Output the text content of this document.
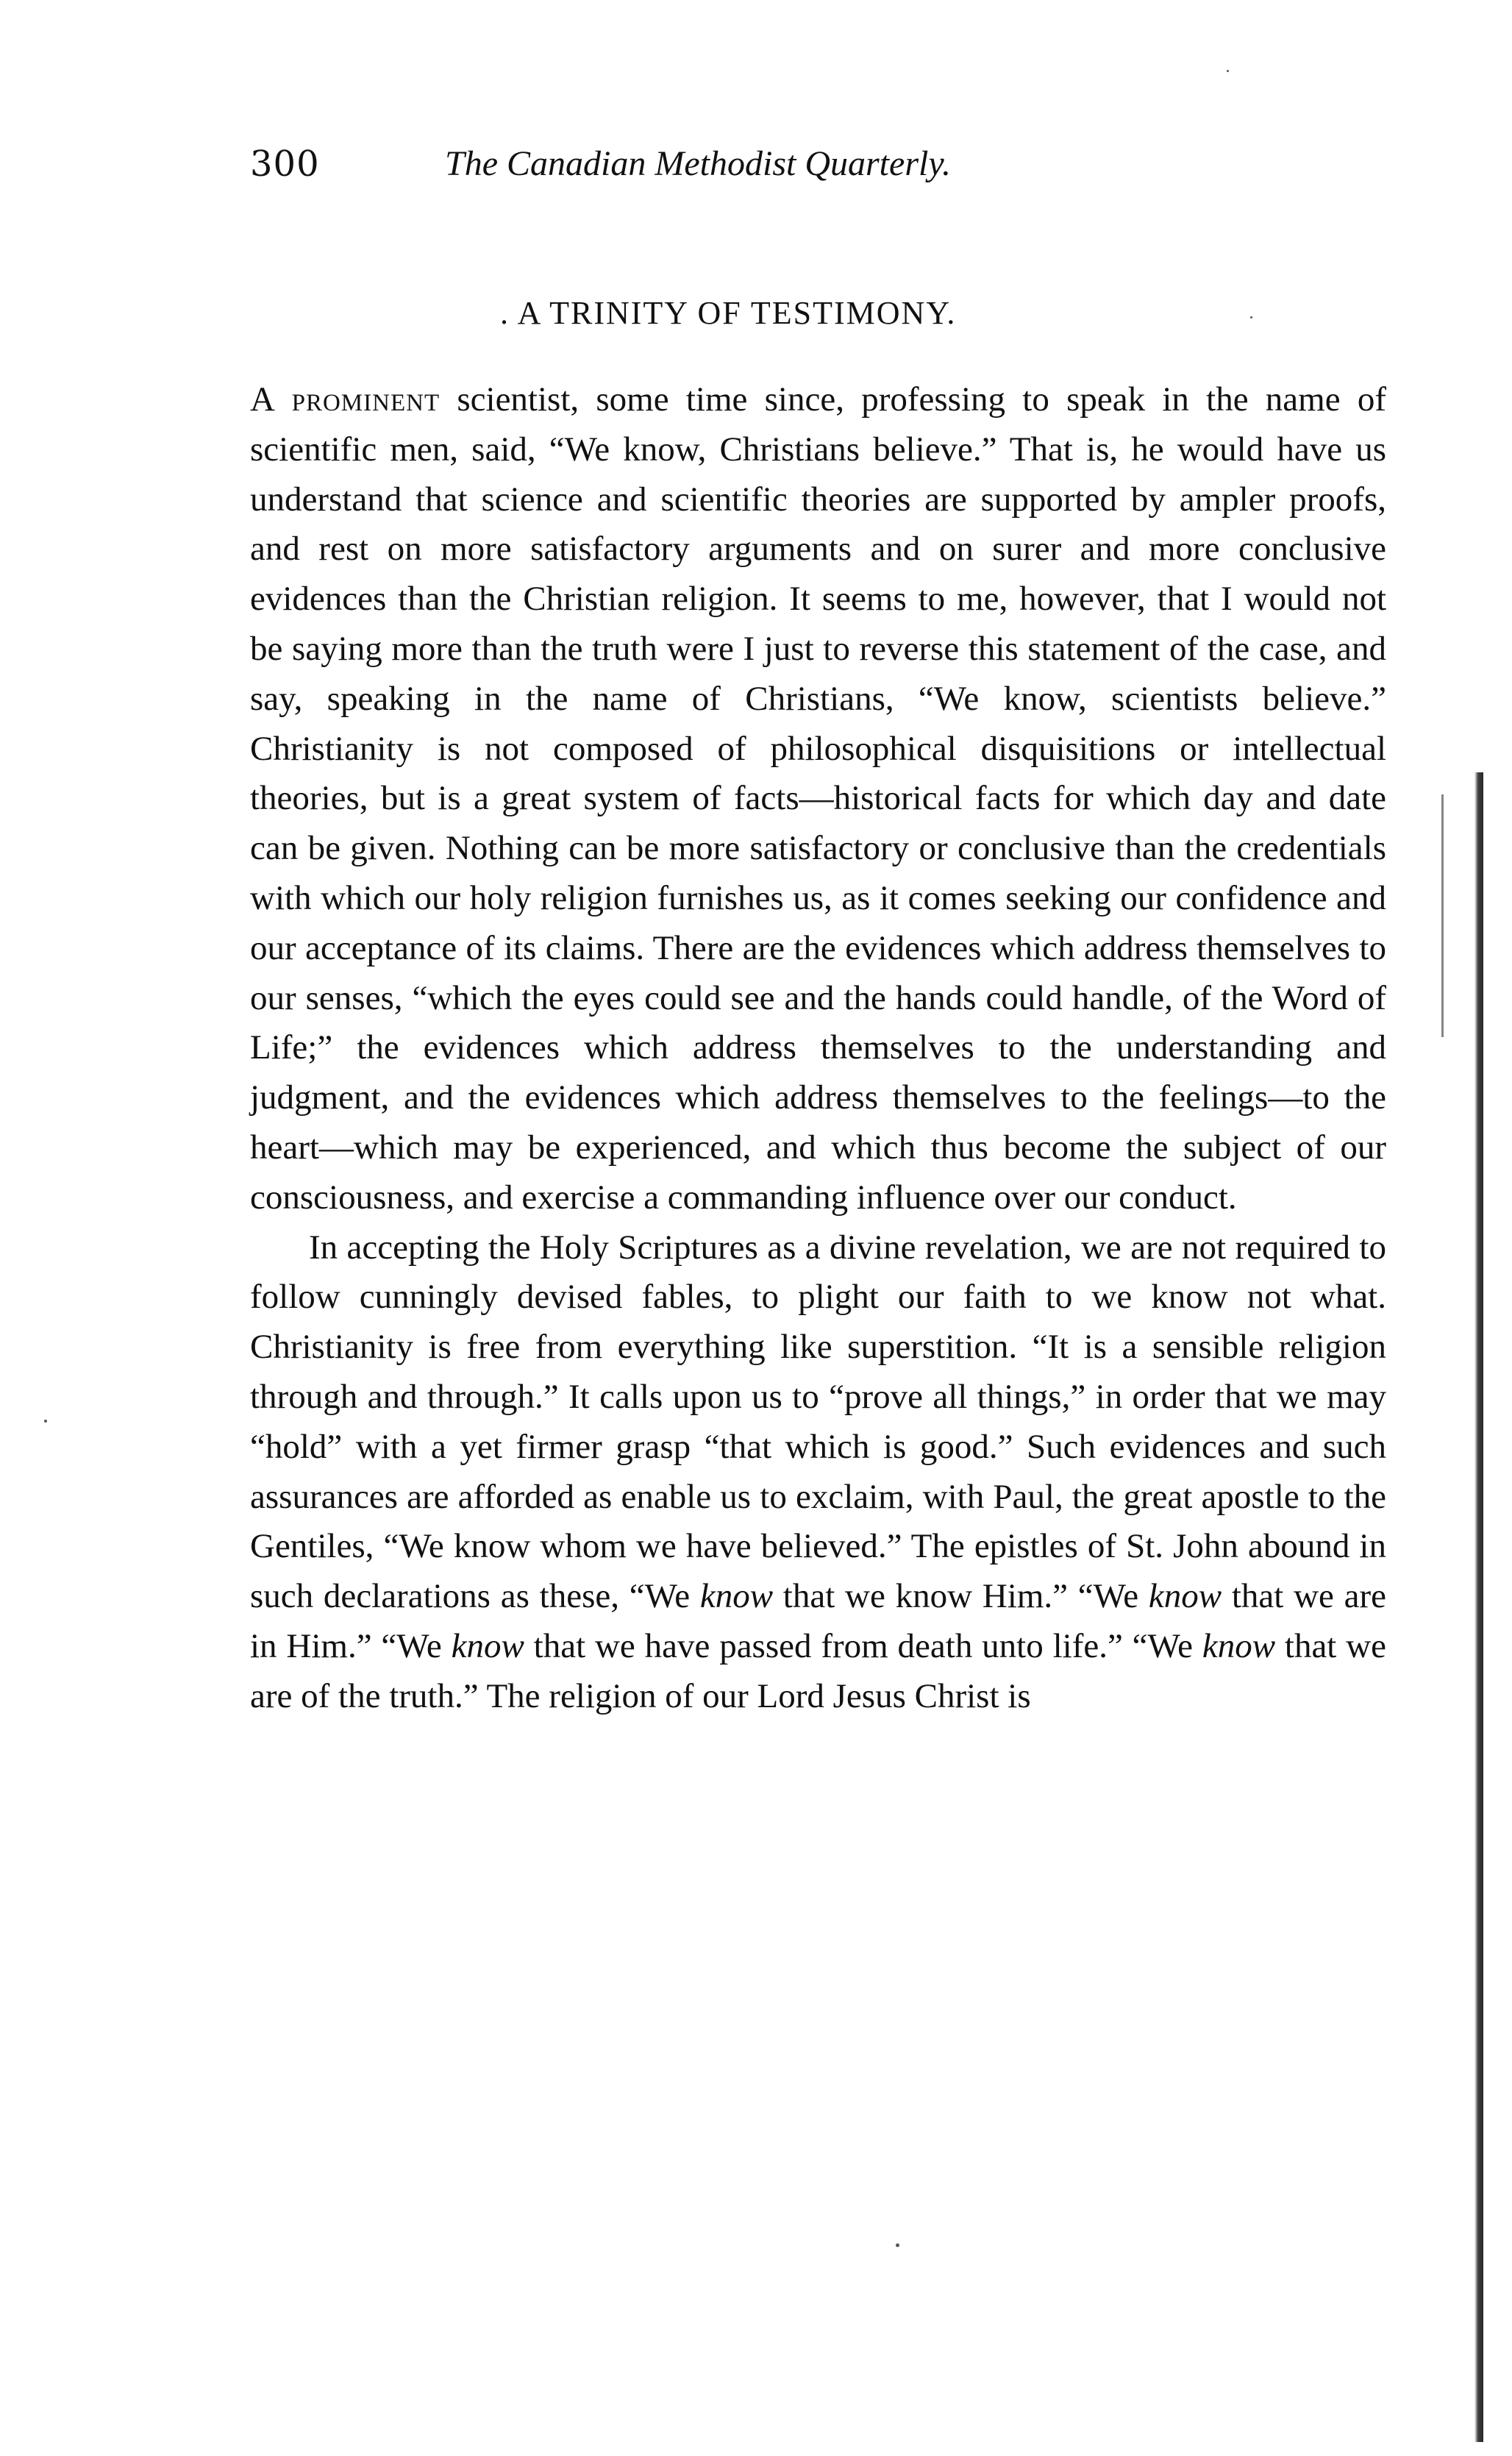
300	The Canadian Methodist Quarterly.
. A TRINITY OF TESTIMONY.

A prominent scientist, some time since, professing to speak in the name of scientific men, said, “We know, Christians believe.” That is, he would have us understand that science and scientific theories are supported by ampler proofs, and rest on more satisfactory arguments and on surer and more conclusive evidences than the Christian religion. It seems to me, however, that I would not be saying more than the truth were I just to reverse this statement of the case, and say, speaking in the name of Christians, “We know, scientists believe.” Christianity is not composed of philosophical disquisitions or intellectual theories, but is a great system of facts—historical facts for which day and date can be given. Nothing can be more satisfactory or conclusive than the credentials with which our holy religion furnishes us, as it comes seeking our confidence and our acceptance of its claims. There are the evidences which address themselves to our senses, “which the eyes could see and the hands could handle, of the Word of Life;” the evidences which address themselves to the understanding and judgment, and the evidences which address themselves to the feelings—to the heart—which may be experienced, and which thus become the subject of our consciousness, and exercise a commanding influence over our conduct.

In accepting the Holy Scriptures as a divine revelation, we are not required to follow cunningly devised fables, to plight our faith to we know not what. Christianity is free from everything like superstition. “It is a sensible religion through and through.” It calls upon us to “prove all things,” in order that we may “hold” with a yet firmer grasp “that which is good.” Such evidences and such assurances are afforded as enable us to exclaim, with Paul, the great apostle to the Gentiles, “We know whom we have believed.” The epistles of St. John abound in such declarations as these, “We know that we know Him.” “We know that we are in Him.” “We know that we have passed from death unto life.” “We know that we are of the truth.” The religion of our Lord Jesus Christ is
